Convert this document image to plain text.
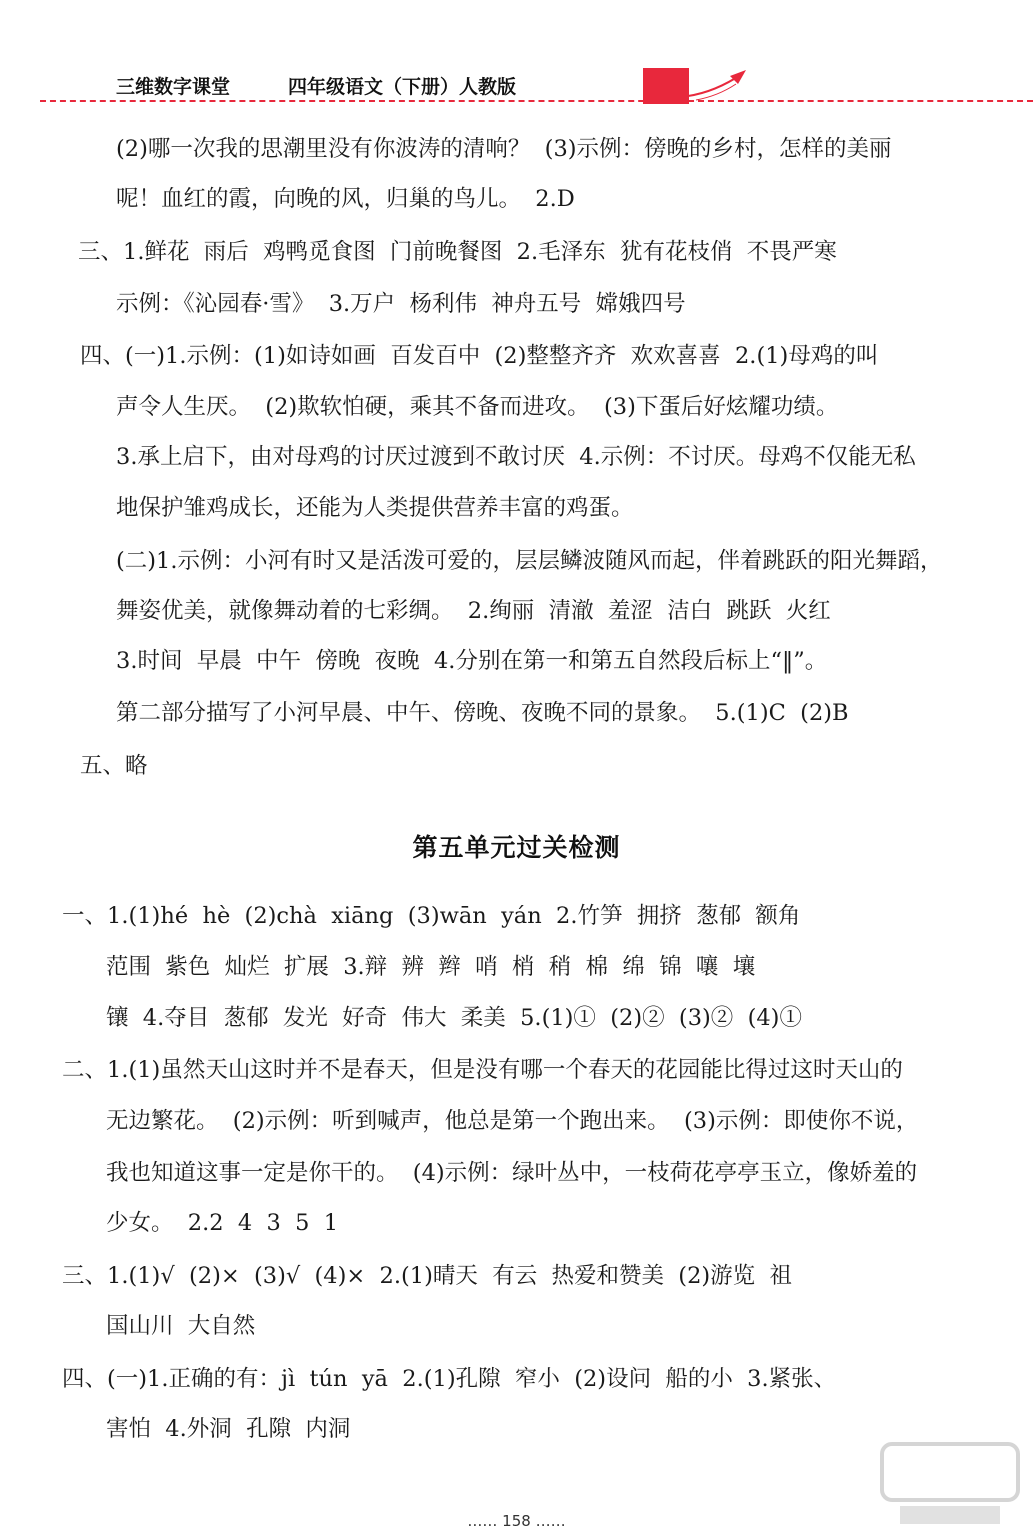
三维数字课堂	四年级语文（下册）人教版
(2)哪一次我的思潮里没有你波涛的清响？  (3)示例：傍晚的乡村，怎样的美丽
呢！血红的霞，向晚的风，归巢的鸟儿。  2.D
三、1.鲜花  雨后  鸡鸭觅食图  门前晚餐图  2.毛泽东  犹有花枝俏  不畏严寒
示例：《沁园春·雪》  3.万户  杨利伟  神舟五号  嫦娥四号
四、(一)1.示例：(1)如诗如画  百发百中  (2)整整齐齐  欢欢喜喜  2.(1)母鸡的叫
声令人生厌。  (2)欺软怕硬，乘其不备而进攻。  (3)下蛋后好炫耀功绩。
3.承上启下，由对母鸡的讨厌过渡到不敢讨厌  4.示例：不讨厌。母鸡不仅能无私
地保护雏鸡成长，还能为人类提供营养丰富的鸡蛋。
(二)1.示例：小河有时又是活泼可爱的，层层鳞波随风而起，伴着跳跃的阳光舞蹈，
舞姿优美，就像舞动着的七彩绸。  2.绚丽  清澈  羞涩  洁白  跳跃  火红
3.时间  早晨  中午  傍晚  夜晚  4.分别在第一和第五自然段后标上“‖”。
第二部分描写了小河早晨、中午、傍晚、夜晚不同的景象。  5.(1)C  (2)B
五、略
第五单元过关检测
一、1.(1)hé  hè  (2)chà  xiāng  (3)wān  yán  2.竹笋  拥挤  葱郁  额角
范围  紫色  灿烂  扩展  3.辩  辨  辫  哨  梢  稍  棉  绵  锦  嚷  壤
镶  4.夺目  葱郁  发光  好奇  伟大  柔美  5.(1)①  (2)②  (3)②  (4)①
二、1.(1)虽然天山这时并不是春天，但是没有哪一个春天的花园能比得过这时天山的
无边繁花。  (2)示例：听到喊声，他总是第一个跑出来。  (3)示例：即使你不说，
我也知道这事一定是你干的。  (4)示例：绿叶丛中，一枝荷花亭亭玉立，像娇羞的
少女。  2.2  4  3  5  1
三、1.(1)√  (2)×  (3)√  (4)×  2.(1)晴天  有云  热爱和赞美  (2)游览  祖
国山川  大自然
四、(一)1.正确的有：jì  tún  yā  2.(1)孔隙  窄小  (2)设问  船的小  3.紧张、
害怕  4.外洞  孔隙  内洞
…… 158 ……
